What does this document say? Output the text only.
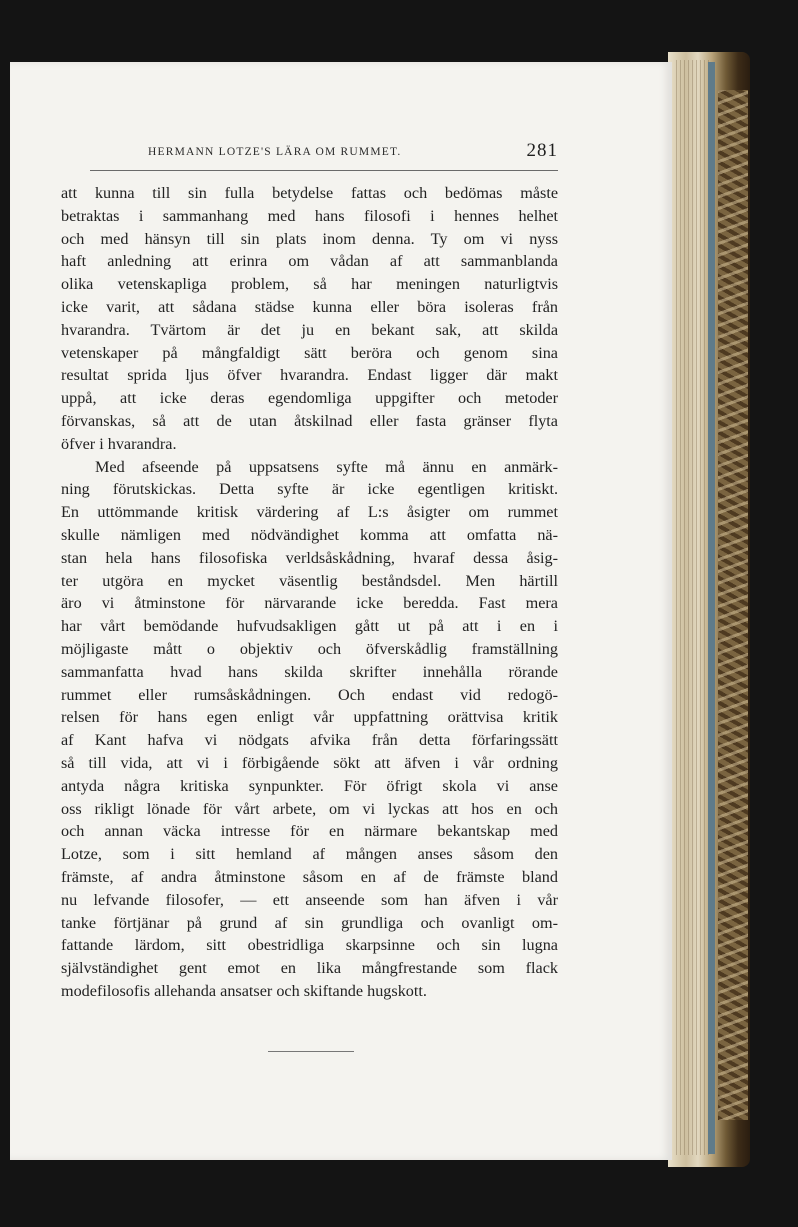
HERMANN LOTZE'S LÄRA OM RUMMET.	281
att kunna till sin fulla betydelse fattas och bedömas måste
betraktas i sammanhang med hans filosofi i hennes helhet
och med hänsyn till sin plats inom denna. Ty om vi nyss
haft anledning att erinra om vådan af att sammanblanda
olika vetenskapliga problem, så har meningen naturligtvis
icke varit, att sådana städse kunna eller böra isoleras från
hvarandra. Tvärtom är det ju en bekant sak, att skilda
vetenskaper på mångfaldigt sätt beröra och genom sina
resultat sprida ljus öfver hvarandra. Endast ligger där makt
uppå, att icke deras egendomliga uppgifter och metoder
förvanskas, så att de utan åtskilnad eller fasta gränser flyta
öfver i hvarandra.
Med afseende på uppsatsens syfte må ännu en anmärk-
ning förutskickas. Detta syfte är icke egentligen kritiskt.
En uttömmande kritisk värdering af L:s åsigter om rummet
skulle nämligen med nödvändighet komma att omfatta nä-
stan hela hans filosofiska verldsåskådning, hvaraf dessa åsig-
ter utgöra en mycket väsentlig beståndsdel. Men härtill
äro vi åtminstone för närvarande icke beredda. Fast mera
har vårt bemödande hufvudsakligen gått ut på att i en i
möjligaste mått o objektiv och öfverskådlig framställning
sammanfatta hvad hans skilda skrifter innehålla rörande
rummet eller rumsåskådningen. Och endast vid redogö-
relsen för hans egen enligt vår uppfattning orättvisa kritik
af Kant hafva vi nödgats afvika från detta förfaringssätt
så till vida, att vi i förbigående sökt att äfven i vår ordning
antyda några kritiska synpunkter. För öfrigt skola vi anse
oss rikligt lönade för vårt arbete, om vi lyckas att hos en och
och annan väcka intresse för en närmare bekantskap med
Lotze, som i sitt hemland af mången anses såsom den
främste, af andra åtminstone såsom en af de främste bland
nu lefvande filosofer, — ett anseende som han äfven i vår
tanke förtjänar på grund af sin grundliga och ovanligt om-
fattande lärdom, sitt obestridliga skarpsinne och sin lugna
självständighet gent emot en lika mångfrestande som flack
modefilosofis allehanda ansatser och skiftande hugskott.
